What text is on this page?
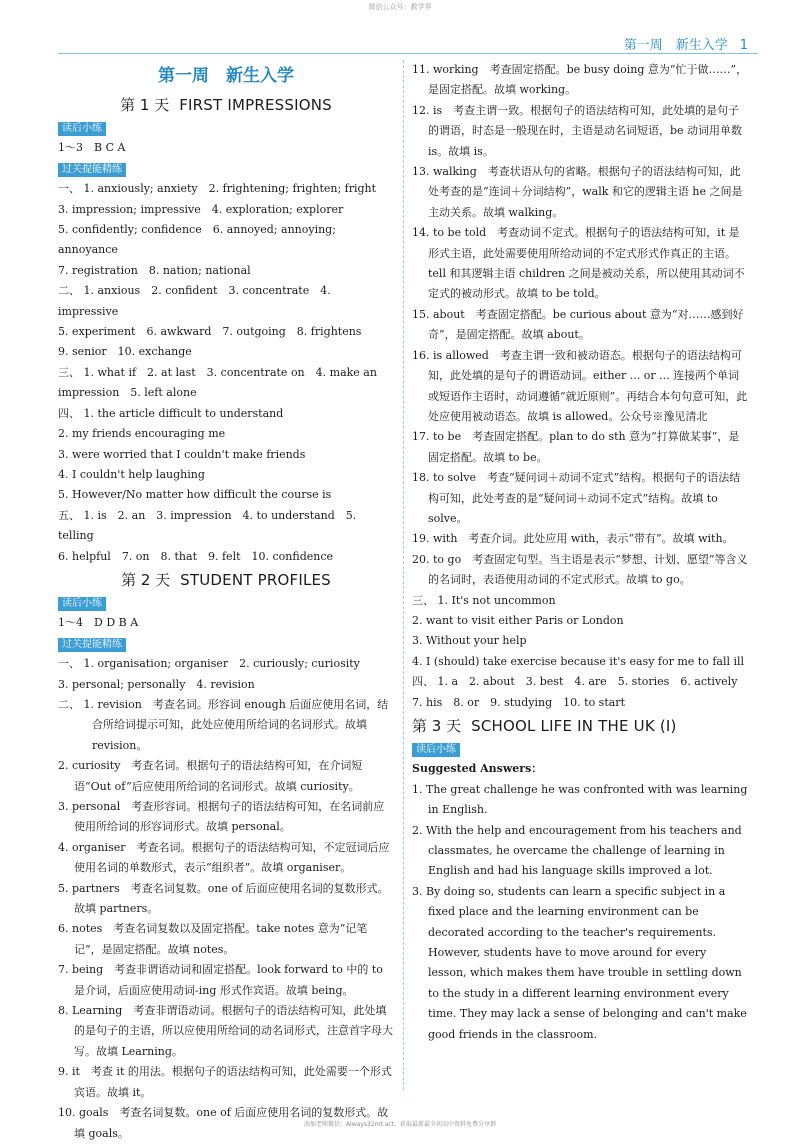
微信公众号：教学界
第一周　新生入学 1

第一周　新生入学

第 1 天 FIRST IMPRESSIONS

读后小练

1～3　B C A

过关提能精练

一、 1. anxiously; anxiety　2. frightening; frighten; fright

3. impression; impressive　4. exploration; explorer

5. confidently; confidence　6. annoyed; annoying; annoyance

7. registration　8. nation; national

二、 1. anxious　2. confident　3. concentrate　4. impressive

5. experiment　6. awkward　7. outgoing　8. frightens

9. senior　10. exchange

三、 1. what if　2. at last　3. concentrate on　4. make an impression　5. left alone

四、 1. the article difficult to understand

2. my friends encouraging me

3. were worried that I couldn't make friends

4. I couldn't help laughing

5. However/No matter how difficult the course is

五、 1. is　2. an　3. impression　4. to understand　5. telling

6. helpful　7. on　8. that　9. felt　10. confidence

第 2 天 STUDENT PROFILES

读后小练

1～4　D D B A

过关提能精练

一、 1. organisation; organiser　2. curiously; curiosity

3. personal; personally　4. revision

二、 1. revision　考查名词。形容词 enough 后面应使用名词，结合所给词提示可知，此处应使用所给词的名词形式。故填 revision。

2. curiosity　考查名词。根据句子的语法结构可知，在介词短语“Out of”后应使用所给词的名词形式。故填 curiosity。

3. personal　考查形容词。根据句子的语法结构可知，在名词前应使用所给词的形容词形式。故填 personal。

4. organiser　考查名词。根据句子的语法结构可知，不定冠词后应使用名词的单数形式，表示“组织者”。故填 organiser。

5. partners　考查名词复数。one of 后面应使用名词的复数形式。故填 partners。

6. notes　考查名词复数以及固定搭配。take notes 意为“记笔记”，是固定搭配。故填 notes。

7. being　考查非谓语动词和固定搭配。look forward to 中的 to 是介词，后面应使用动词-ing 形式作宾语。故填 being。

8. Learning　考查非谓语动词。根据句子的语法结构可知，此处填的是句子的主语，所以应使用所给词的动名词形式，注意首字母大写。故填 Learning。

9. it　考查 it 的用法。根据句子的语法结构可知，此处需要一个形式宾语。故填 it。

10. goals　考查名词复数。one of 后面应使用名词的复数形式。故填 goals。

11. working　考查固定搭配。be busy doing 意为“忙于做……”，是固定搭配。故填 working。

12. is　考查主谓一致。根据句子的语法结构可知，此处填的是句子的谓语，时态是一般现在时，主语是动名词短语，be 动词用单数 is。故填 is。

13. walking　考查状语从句的省略。根据句子的语法结构可知，此处考查的是“连词＋分词结构”，walk 和它的逻辑主语 he 之间是主动关系。故填 walking。

14. to be told　考查动词不定式。根据句子的语法结构可知，it 是形式主语，此处需要使用所给动词的不定式形式作真正的主语。tell 和其逻辑主语 children 之间是被动关系，所以使用其动词不定式的被动形式。故填 to be told。

15. about　考查固定搭配。be curious about 意为“对……感到好奇”，是固定搭配。故填 about。

16. is allowed　考查主谓一致和被动语态。根据句子的语法结构可知，此处填的是句子的谓语动词。either ... or ... 连接两个单词或短语作主语时，动词遵循“就近原则”。再结合本句句意可知，此处应使用被动语态。故填 is allowed。公众号※豫见清北

17. to be　考查固定搭配。plan to do sth 意为“打算做某事”，是固定搭配。故填 to be。

18. to solve　考查“疑问词＋动词不定式”结构。根据句子的语法结构可知，此处考查的是“疑问词＋动词不定式”结构。故填 to solve。

19. with　考查介词。此处应用 with，表示“带有”。故填 with。

20. to go　考查固定句型。当主语是表示“梦想、计划、愿望”等含义的名词时，表语使用动词的不定式形式。故填 to go。

三、 1. It's not uncommon

2. want to visit either Paris or London

3. Without your help

4. I (should) take exercise because it's easy for me to fall ill

四、 1. a　2. about　3. best　4. are　5. stories　6. actively

7. his　8. or　9. studying　10. to start

第 3 天 SCHOOL LIFE IN THE UK (Ⅰ)

读后小练

Suggested Answers：

1. The great challenge he was confronted with was learning in English.

2. With the help and encouragement from his teachers and classmates, he overcame the challenge of learning in English and had his language skills improved a lot.

3. By doing so, students can learn a specific subject in a fixed place and the learning environment can be decorated according to the teacher's requirements. However, students have to move around for every lesson, which makes them have trouble in settling down to the study in a different learning environment every time. They may lack a sense of belonging and can't make good friends in the classroom.

添加老师微信：Always32mt.act，获取最新最全初高中资料免费分享群
